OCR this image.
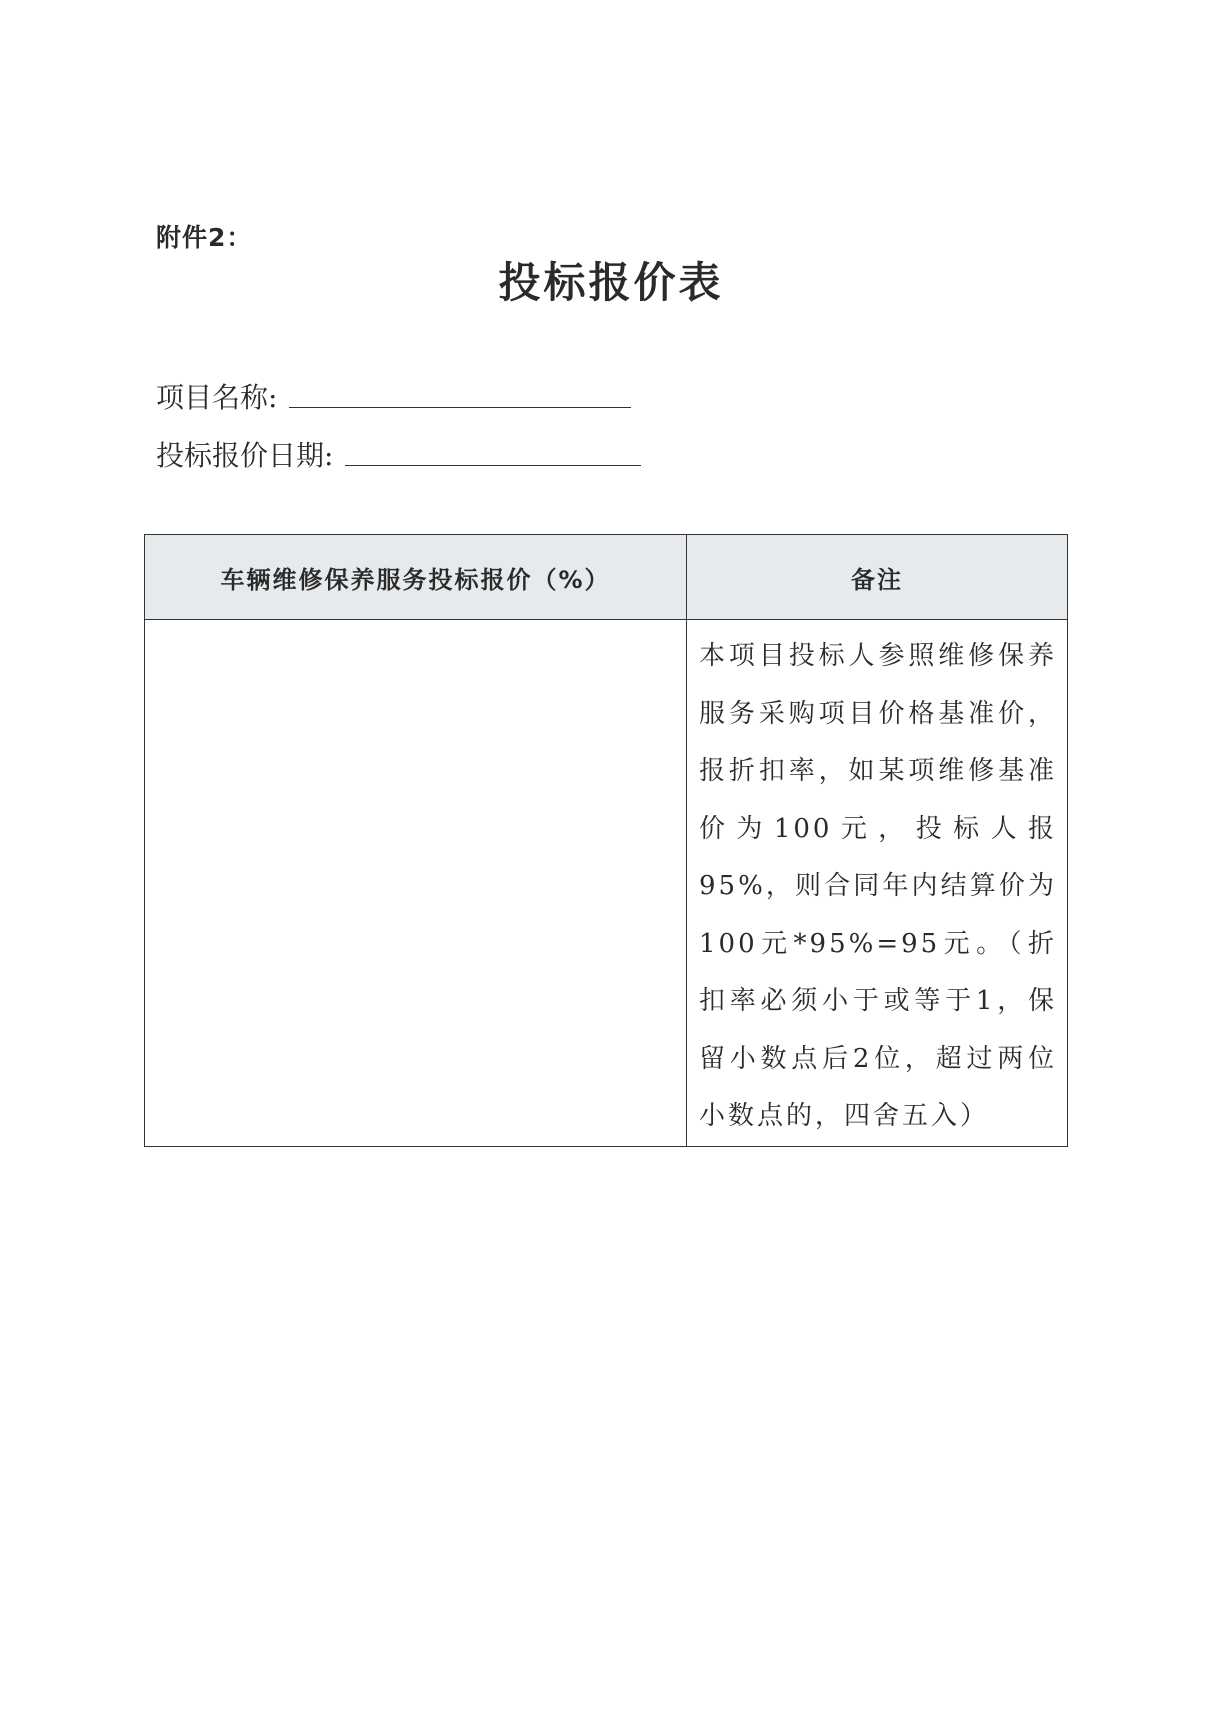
附件2：
投标报价表
项目名称:
投标报价日期:
车辆维修保养服务投标报价（%）	备注

	本项目投标人参照维修保养服务采购项目价格基准价，报折扣率，如某项维修基准价为100元，投标人报95%，则合同年内结算价为100元*95%=95元。（折扣率必须小于或等于1，保留小数点后2位，超过两位小数点的，四舍五入）
